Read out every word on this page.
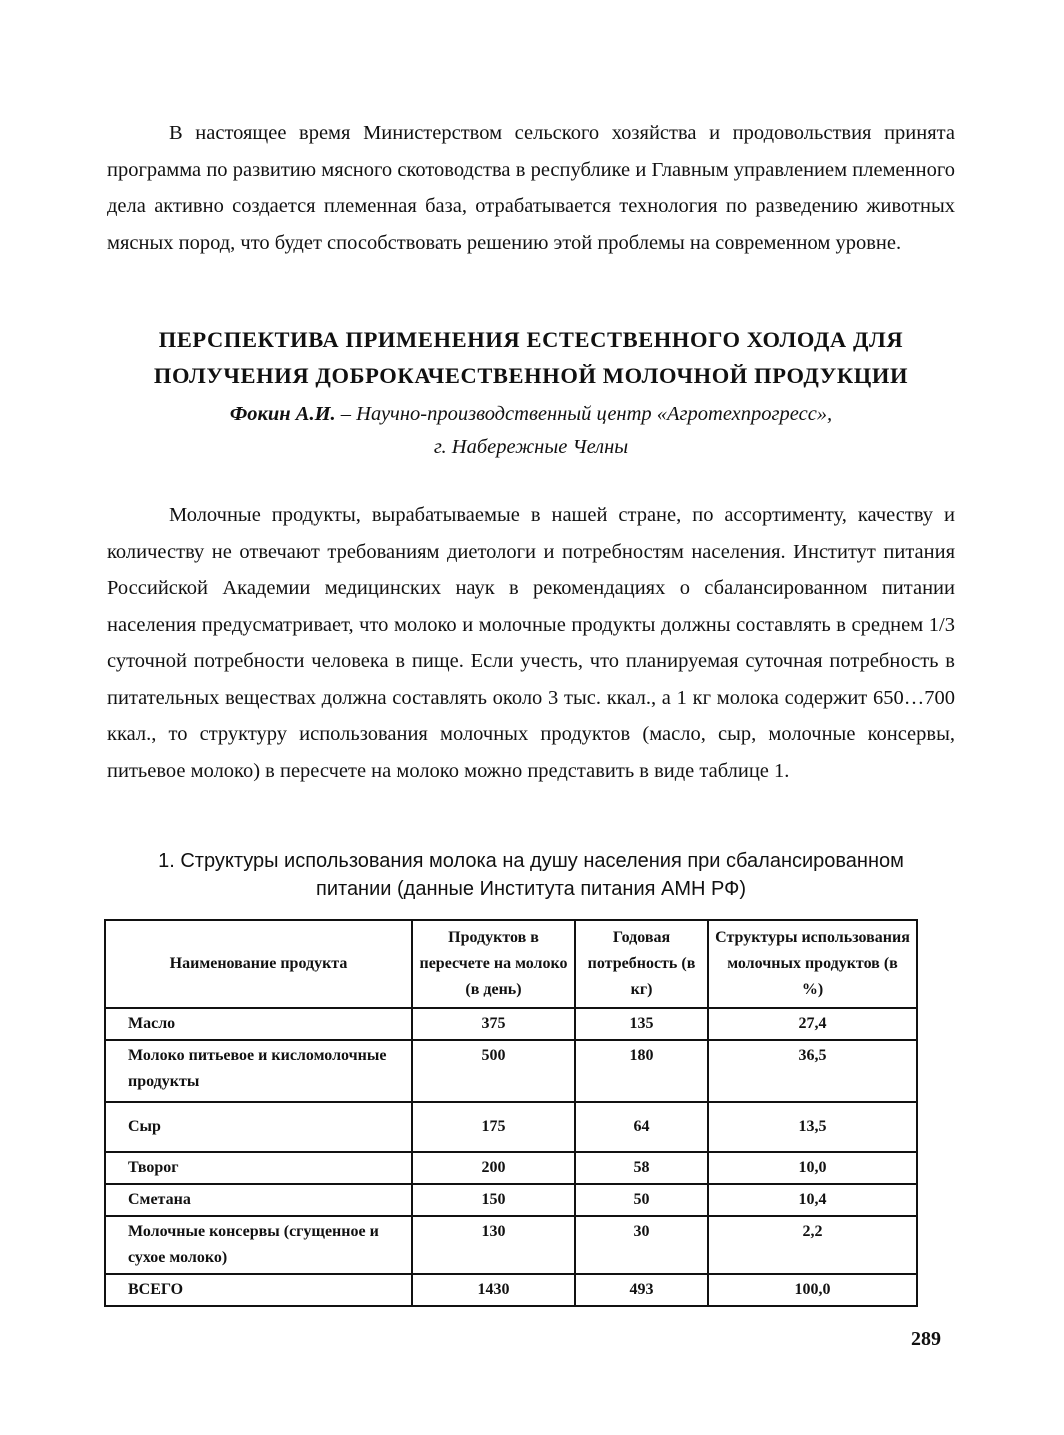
В настоящее время Министерством сельского хозяйства и продовольствия принята программа по развитию мясного скотоводства в республике и Главным управлением племенного дела активно создается племенная база, отрабатывается технология по разведению животных мясных пород, что будет способствовать решению этой проблемы на современном уровне.

ПЕРСПЕКТИВА ПРИМЕНЕНИЯ ЕСТЕСТВЕННОГО ХОЛОДА ДЛЯ
ПОЛУЧЕНИЯ ДОБРОКАЧЕСТВЕННОЙ МОЛОЧНОЙ ПРОДУКЦИИ
Фокин А.И. – Научно-производственный центр «Агротехпрогресс»,
г. Набережные Челны

Молочные продукты, вырабатываемые в нашей стране, по ассортименту, качеству и количеству не отвечают требованиям диетологи и потребностям населения. Институт питания Российской Академии медицинских наук в рекомендациях о сбалансированном питании населения предусматривает, что молоко и молочные продукты должны составлять в среднем 1/3 суточной потребности человека в пище. Если учесть, что планируемая суточная потребность в питательных веществах должна составлять около 3 тыс. ккал., а 1 кг молока содержит 650…700 ккал., то структуру использования молочных продуктов (масло, сыр, молочные консервы, питьевое молоко) в пересчете на молоко можно представить в виде таблице 1.

1. Структуры использования молока на душу населения при сбалансированном
питании (данные Института питания АМН РФ)
Наименование продукта	Продуктов в пересчете на молоко (в день)	Годовая потребность (в кг)	Структуры использования молочных продуктов (в %)
Масло	375	135	27,4
Молоко питьевое и кисломолочные продукты	500	180	36,5
Сыр	175	64	13,5
Творог	200	58	10,0
Сметана	150	50	10,4
Молочные консервы (сгущенное и сухое молоко)	130	30	2,2
ВСЕГО	1430	493	100,0
289
